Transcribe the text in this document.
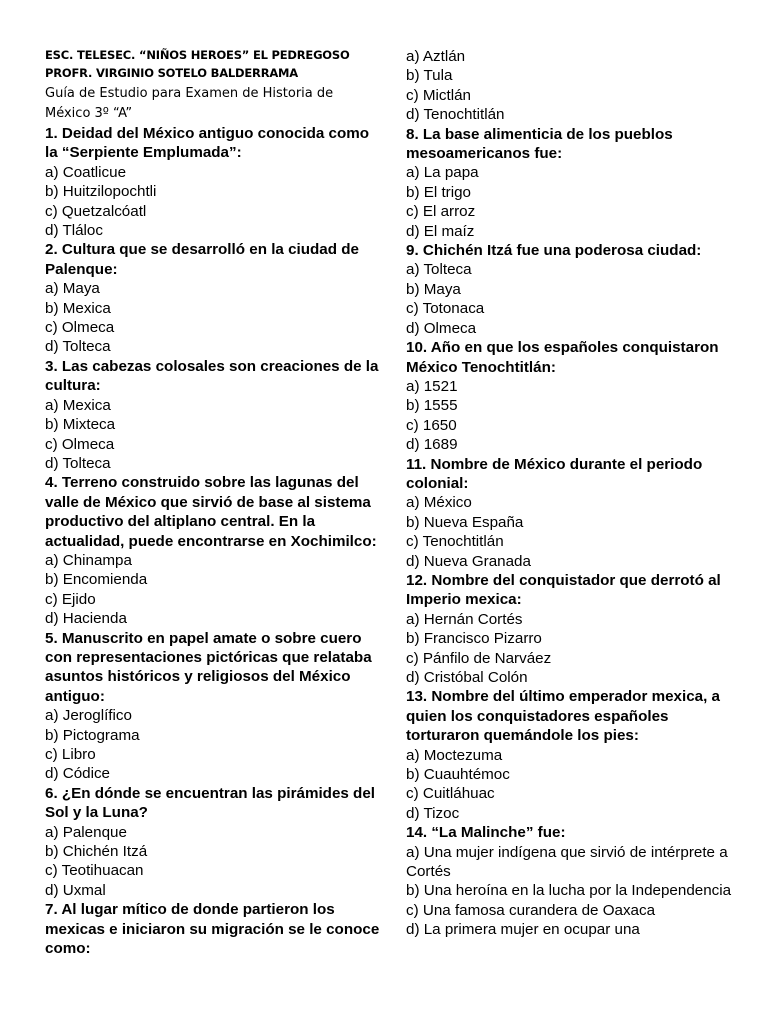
ESC. TELESEC. “NIÑOS HEROES” EL PEDREGOSO
PROFR. VIRGINIO SOTELO BALDERRAMA
Guía de Estudio para Examen de Historia de
México 3º “A”
1. Deidad del México antiguo conocida como la “Serpiente Emplumada”:
a) Coatlicue
b) Huitzilopochtli
c) Quetzalcóatl
d) Tláloc
2. Cultura que se desarrolló en la ciudad de Palenque:
a) Maya
b) Mexica
c) Olmeca
d) Tolteca
3. Las cabezas colosales son creaciones de la cultura:
a) Mexica
b) Mixteca
c) Olmeca
d) Tolteca
4. Terreno construido sobre las lagunas del valle de México que sirvió de base al sistema productivo del altiplano central. En la actualidad, puede encontrarse en Xochimilco:
a) Chinampa
b) Encomienda
c) Ejido
d) Hacienda
5. Manuscrito en papel amate o sobre cuero con representaciones pictóricas que relataba asuntos históricos y religiosos del México antiguo:
a) Jeroglífico
b) Pictograma
c) Libro
d) Códice
6. ¿En dónde se encuentran las pirámides del Sol y la Luna?
a) Palenque
b) Chichén Itzá
c) Teotihuacan
d) Uxmal
7. Al lugar mítico de donde partieron los mexicas e iniciaron su migración se le conoce como:
a) Aztlán
b) Tula
c) Mictlán
d) Tenochtitlán
8. La base alimenticia de los pueblos mesoamericanos fue:
a) La papa
b) El trigo
c) El arroz
d) El maíz
9. Chichén Itzá fue una poderosa ciudad:
a) Tolteca
b) Maya
c) Totonaca
d) Olmeca
10. Año en que los españoles conquistaron México Tenochtitlán:
a) 1521
b) 1555
c) 1650
d) 1689
11. Nombre de México durante el periodo colonial:
a) México
b) Nueva España
c) Tenochtitlán
d) Nueva Granada
12. Nombre del conquistador que derrotó al Imperio mexica:
a) Hernán Cortés
b) Francisco Pizarro
c) Pánfilo de Narváez
d) Cristóbal Colón
13. Nombre del último emperador mexica, a quien los conquistadores españoles torturaron quemándole los pies:
a) Moctezuma
b) Cuauhtémoc
c) Cuitláhuac
d) Tizoc
14. “La Malinche” fue:
a) Una mujer indígena que sirvió de intérprete a Cortés
b) Una heroína en la lucha por la Independencia
c) Una famosa curandera de Oaxaca
d) La primera mujer en ocupar una
